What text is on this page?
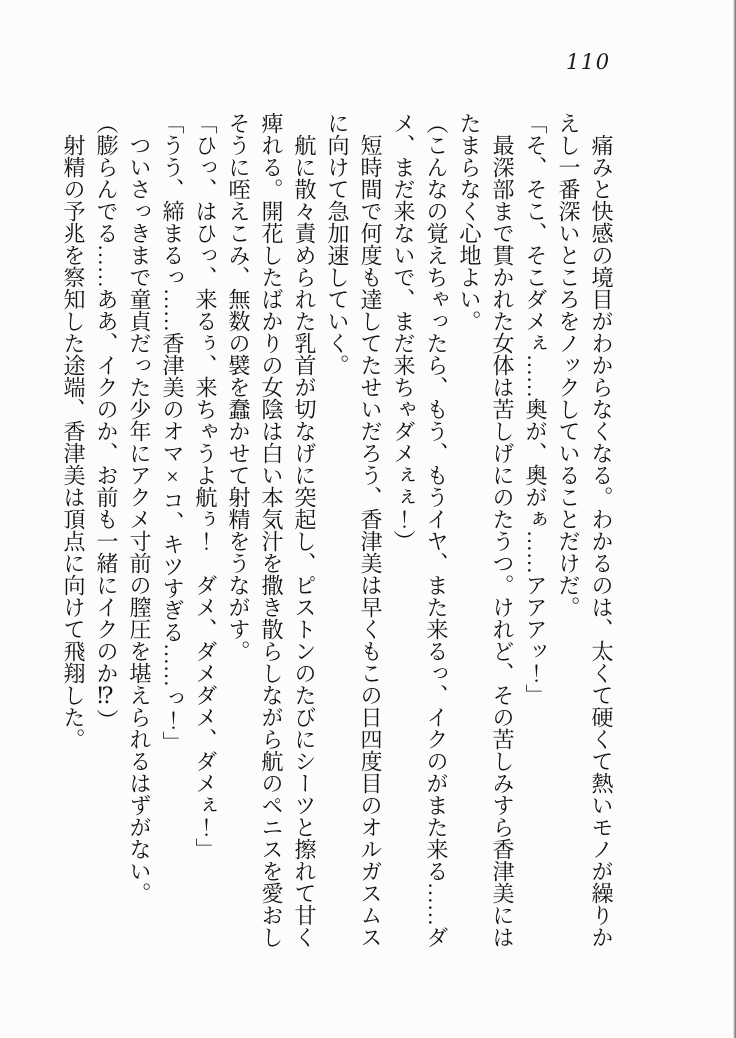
110

　痛みと快感の境目がわからなくなる。わかるのは、太くて硬くて熱いモノが繰りかえし一番深いところをノックしていることだけだ。

「そ、そこ、そこダメぇ……奥が、奥がぁ……アアアッ！」

　最深部まで貫かれた女体は苦しげにのたうつ。けれど、その苦しみすら香津美にはたまらなく心地よい。

（こんなの覚えちゃったら、もう、もうイヤ、また来るっ、イクのがまた来る……ダメ、まだ来ないで、まだ来ちゃダメぇぇ！）

　短時間で何度も達してたせいだろう、香津美は早くもこの日四度目のオルガスムスに向けて急加速していく。

　航に散々責められた乳首が切なげに突起し、ピストンのたびにシーツと擦れて甘く痺れる。開花したばかりの女陰は白い本気汁を撒き散らしながら航のペニスを愛おしそうに咥えこみ、無数の襞を蠢かせて射精をうながす。

「ひっ、はひっ、来るぅ、来ちゃうよ航ぅ！　ダメ、ダメダメ、ダメぇ！」

「うう、締まるっ……香津美のオマ×コ、キツすぎる……っ！」

　ついさっきまで童貞だった少年にアクメ寸前の膣圧を堪えられるはずがない。

（膨らんでる……ああ、イクのか、お前も一緒にイクのか⁉）

　射精の予兆を察知した途端、香津美は頂点に向けて飛翔した。
